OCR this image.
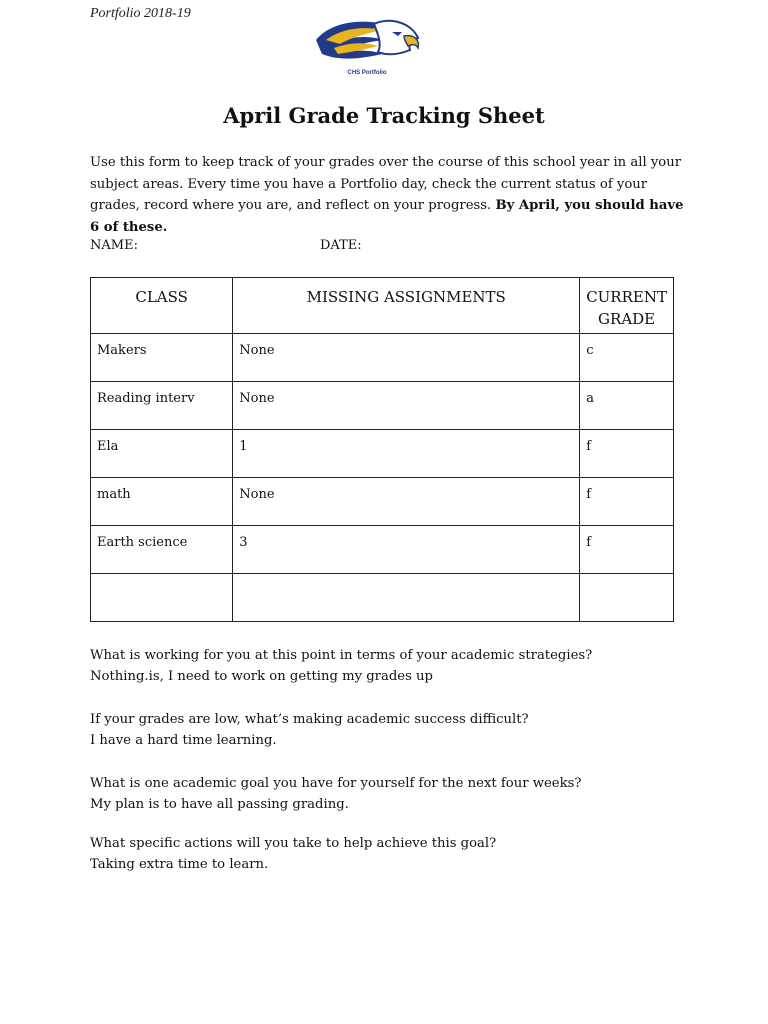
Portfolio 2018-19
CHS Portfolio
April Grade Tracking Sheet
Use this form to keep track of your grades over the course of this school year in all your subject areas. Every time you have a Portfolio day, check the current status of your grades, record where you are, and reflect on your progress. By April, you should have 6 of these.
NAME:	DATE:
CLASS	MISSING ASSIGNMENTS	CURRENT GRADE
Makers	None	c
Reading interv	None	a
Ela	1	f
math	None	f
Earth science	3	f

What is working for you at this point in terms of your academic strategies?
Nothing.is, I need to work on getting my grades up
If your grades are low, what’s making academic success difficult?
I have a hard time learning.
What is one academic goal you have for yourself for the next four weeks?
My plan is to have all passing grading.
What specific actions will you take to help achieve this goal?
Taking extra time to learn.
